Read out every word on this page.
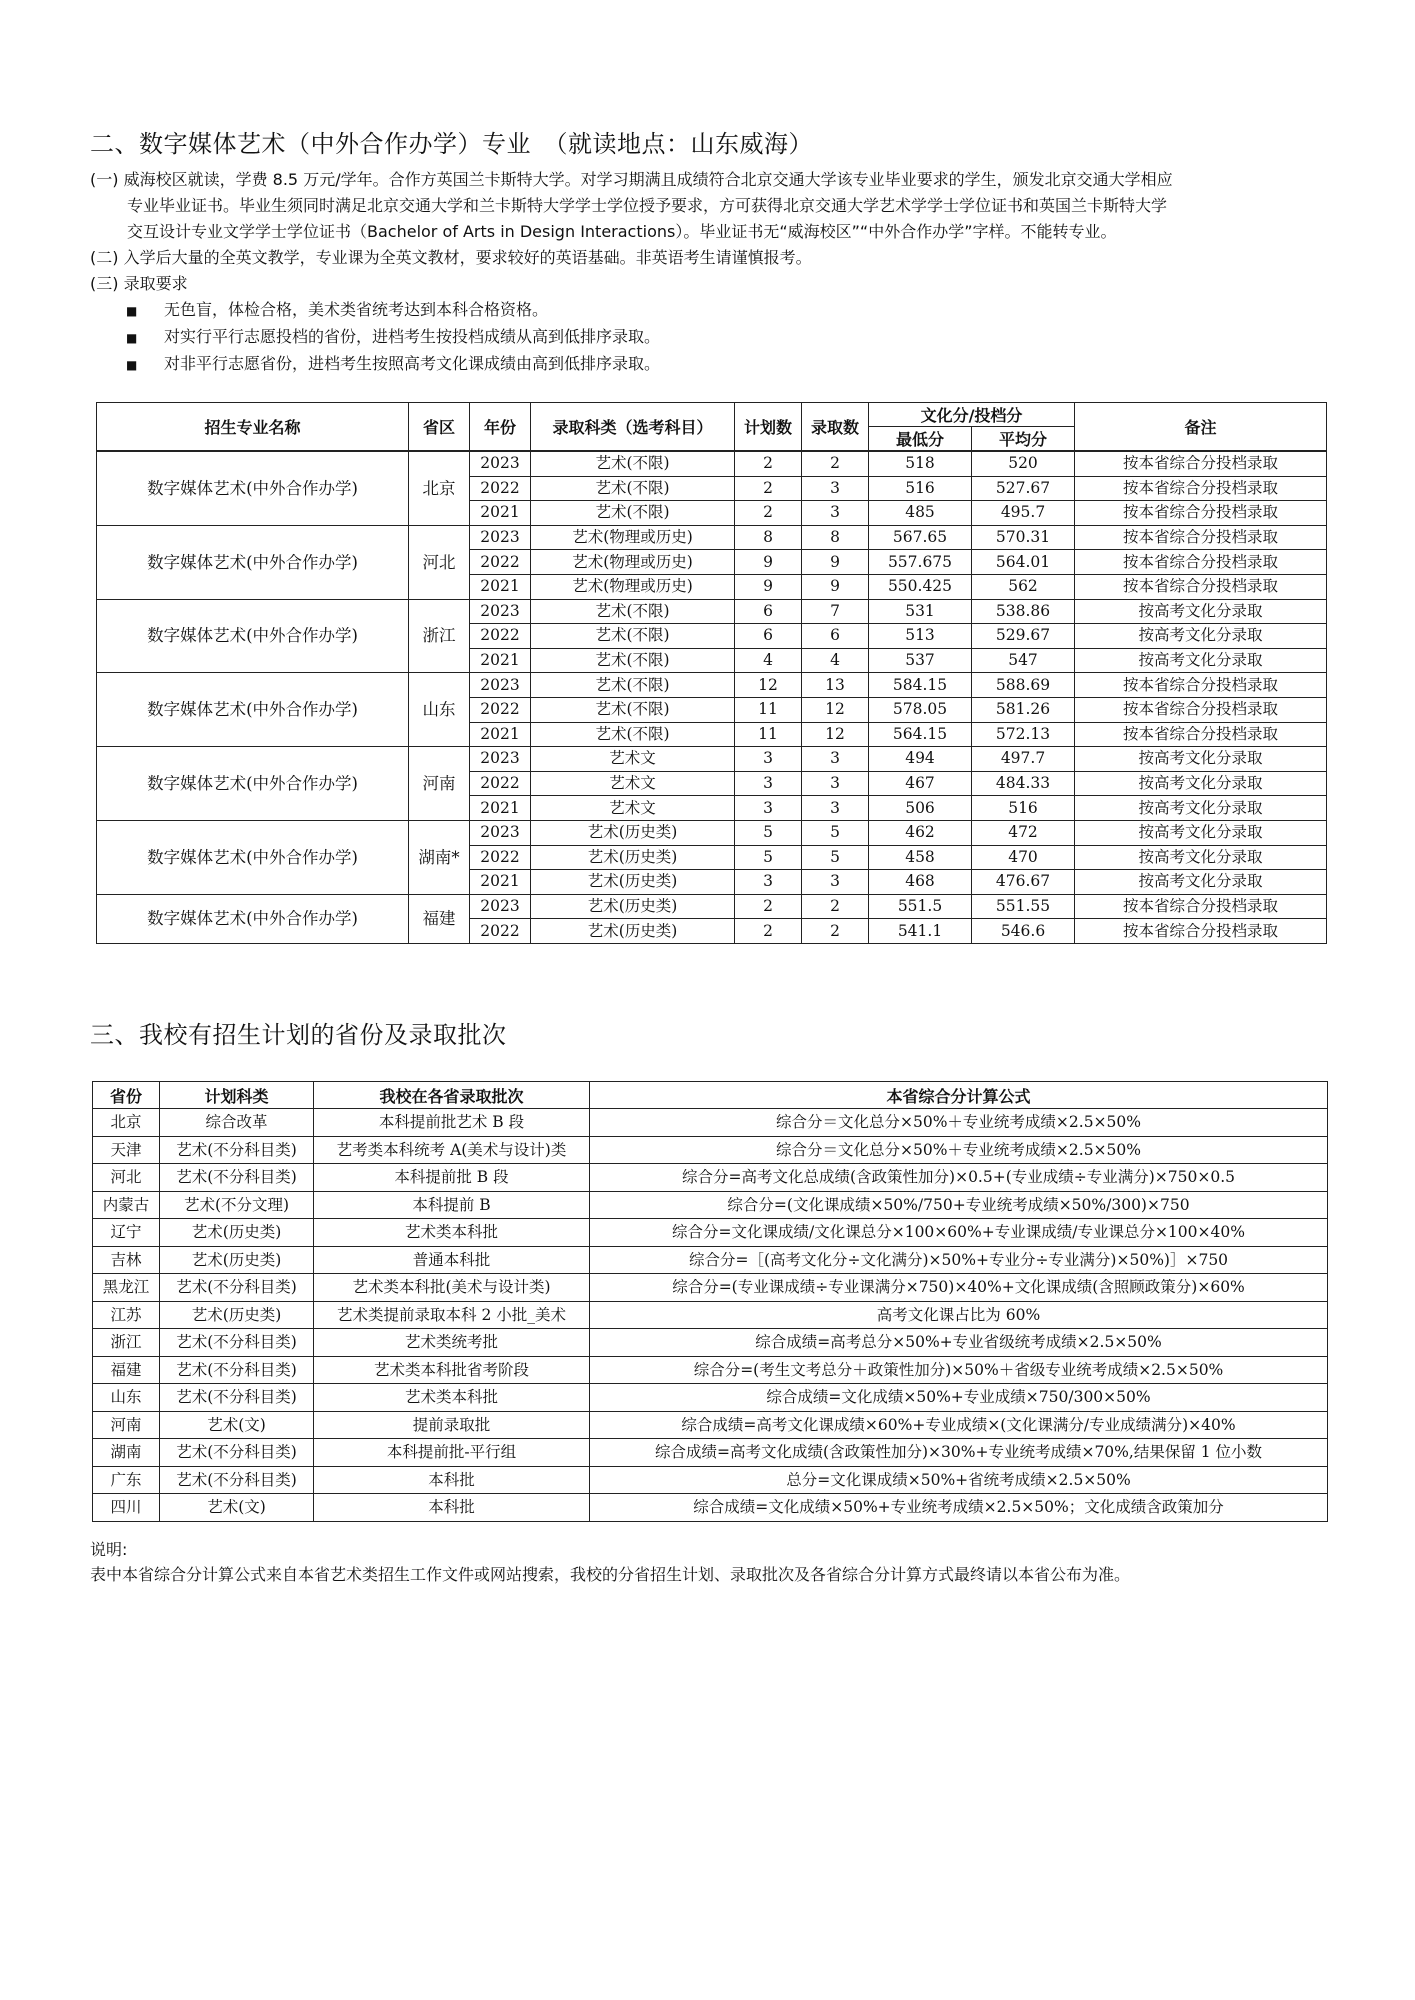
二、数字媒体艺术（中外合作办学）专业　（就读地点：山东威海）
(一) 威海校区就读，学费 8.5 万元/学年。合作方英国兰卡斯特大学。对学习期满且成绩符合北京交通大学该专业毕业要求的学生，颁发北京交通大学相应
专业毕业证书。毕业生须同时满足北京交通大学和兰卡斯特大学学士学位授予要求，方可获得北京交通大学艺术学学士学位证书和英国兰卡斯特大学
交互设计专业文学学士学位证书（Bachelor of Arts in Design Interactions）。毕业证书无“威海校区”“中外合作办学”字样。不能转专业。
(二) 入学后大量的全英文教学，专业课为全英文教材，要求较好的英语基础。非英语考生请谨慎报考。
(三) 录取要求
■ 无色盲，体检合格，美术类省统考达到本科合格资格。
■ 对实行平行志愿投档的省份，进档考生按投档成绩从高到低排序录取。
■ 对非平行志愿省份，进档考生按照高考文化课成绩由高到低排序录取。
招生专业名称	省区	年份	录取科类（选考科目）	计划数	录取数	文化分/投档分		备注
						最低分	平均分	
数字媒体艺术(中外合作办学)	北京	2023	艺术(不限)	2	2	518	520	按本省综合分投档录取
		2022	艺术(不限)	2	3	516	527.67	按本省综合分投档录取
		2021	艺术(不限)	2	3	485	495.7	按本省综合分投档录取
数字媒体艺术(中外合作办学)	河北	2023	艺术(物理或历史)	8	8	567.65	570.31	按本省综合分投档录取
		2022	艺术(物理或历史)	9	9	557.675	564.01	按本省综合分投档录取
		2021	艺术(物理或历史)	9	9	550.425	562	按本省综合分投档录取
数字媒体艺术(中外合作办学)	浙江	2023	艺术(不限)	6	7	531	538.86	按高考文化分录取
		2022	艺术(不限)	6	6	513	529.67	按高考文化分录取
		2021	艺术(不限)	4	4	537	547	按高考文化分录取
数字媒体艺术(中外合作办学)	山东	2023	艺术(不限)	12	13	584.15	588.69	按本省综合分投档录取
		2022	艺术(不限)	11	12	578.05	581.26	按本省综合分投档录取
		2021	艺术(不限)	11	12	564.15	572.13	按本省综合分投档录取
数字媒体艺术(中外合作办学)	河南	2023	艺术文	3	3	494	497.7	按高考文化分录取
		2022	艺术文	3	3	467	484.33	按高考文化分录取
		2021	艺术文	3	3	506	516	按高考文化分录取
数字媒体艺术(中外合作办学)	湖南*	2023	艺术(历史类)	5	5	462	472	按高考文化分录取
		2022	艺术(历史类)	5	5	458	470	按高考文化分录取
		2021	艺术(历史类)	3	3	468	476.67	按高考文化分录取
数字媒体艺术(中外合作办学)	福建	2023	艺术(历史类)	2	2	551.5	551.55	按本省综合分投档录取
		2022	艺术(历史类)	2	2	541.1	546.6	按本省综合分投档录取
三、我校有招生计划的省份及录取批次
省份	计划科类	我校在各省录取批次	本省综合分计算公式
北京	综合改革	本科提前批艺术 B 段	综合分＝文化总分×50%＋专业统考成绩×2.5×50%
天津	艺术(不分科目类)	艺考类本科统考 A(美术与设计)类	综合分＝文化总分×50%＋专业统考成绩×2.5×50%
河北	艺术(不分科目类)	本科提前批 B 段	综合分=高考文化总成绩(含政策性加分)×0.5+(专业成绩÷专业满分)×750×0.5
内蒙古	艺术(不分文理)	本科提前 B	综合分=(文化课成绩×50%/750+专业统考成绩×50%/300)×750
辽宁	艺术(历史类)	艺术类本科批	综合分=文化课成绩/文化课总分×100×60%+专业课成绩/专业课总分×100×40%
吉林	艺术(历史类)	普通本科批	综合分=［(高考文化分÷文化满分)×50%+专业分÷专业满分)×50%)］×750
黑龙江	艺术(不分科目类)	艺术类本科批(美术与设计类)	综合分=(专业课成绩÷专业课满分×750)×40%+文化课成绩(含照顾政策分)×60%
江苏	艺术(历史类)	艺术类提前录取本科 2 小批_美术	高考文化课占比为 60%
浙江	艺术(不分科目类)	艺术类统考批	综合成绩=高考总分×50%+专业省级统考成绩×2.5×50%
福建	艺术(不分科目类)	艺术类本科批省考阶段	综合分=(考生文考总分＋政策性加分)×50%＋省级专业统考成绩×2.5×50%
山东	艺术(不分科目类)	艺术类本科批	综合成绩=文化成绩×50%+专业成绩×750/300×50%
河南	艺术(文)	提前录取批	综合成绩=高考文化课成绩×60%+专业成绩×(文化课满分/专业成绩满分)×40%
湖南	艺术(不分科目类)	本科提前批-平行组	综合成绩=高考文化成绩(含政策性加分)×30%+专业统考成绩×70%,结果保留 1 位小数
广东	艺术(不分科目类)	本科批	总分=文化课成绩×50%+省统考成绩×2.5×50%
四川	艺术(文)	本科批	综合成绩=文化成绩×50%+专业统考成绩×2.5×50%；文化成绩含政策加分
说明:
表中本省综合分计算公式来自本省艺术类招生工作文件或网站搜索，我校的分省招生计划、录取批次及各省综合分计算方式最终请以本省公布为准。
